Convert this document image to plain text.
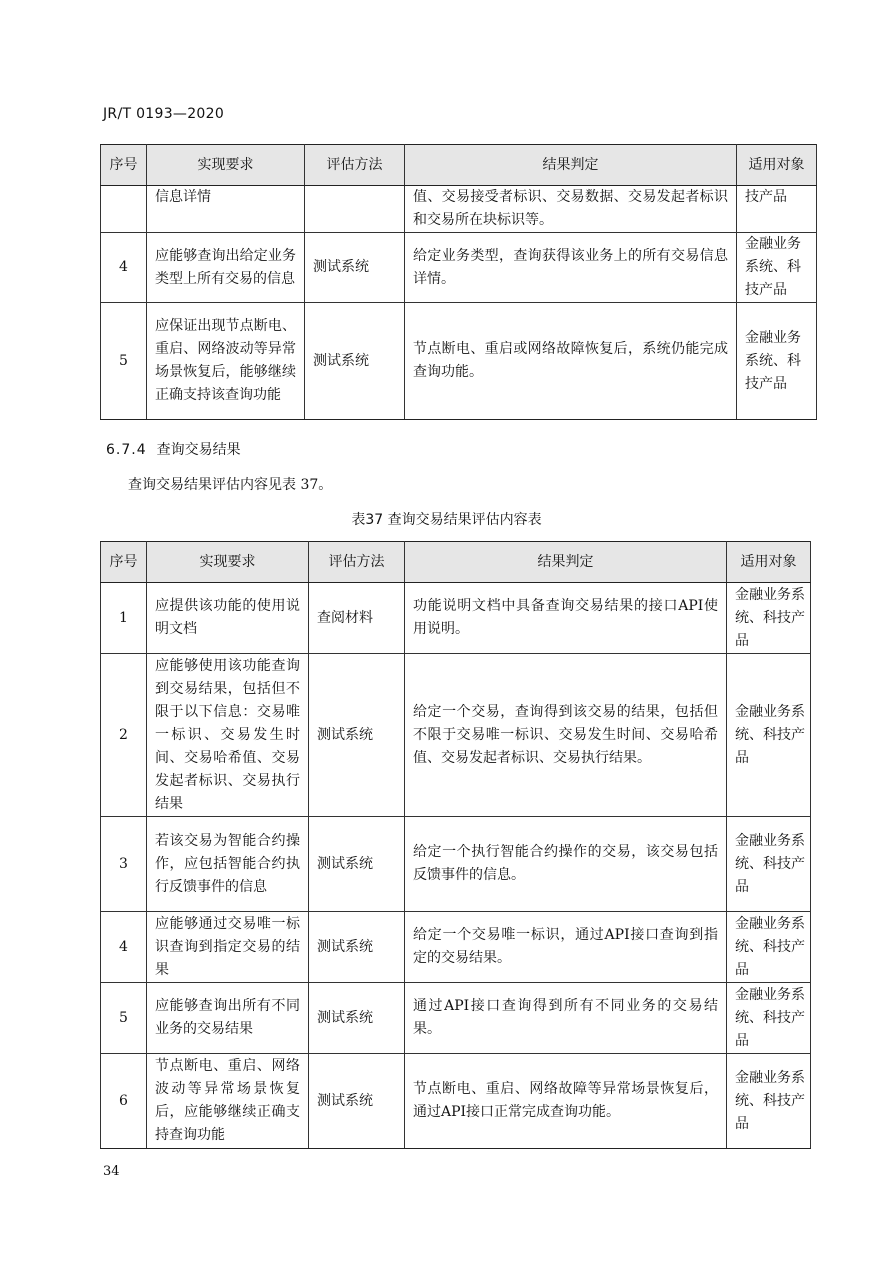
JR/T 0193—2020
序号	实现要求	评估方法	结果判定	适用对象
	信息详情		值、交易接受者标识、交易数据、交易发起者标识和交易所在块标识等。	技产品
4	应能够查询出给定业务类型上所有交易的信息	测试系统	给定业务类型，查询获得该业务上的所有交易信息详情。	金融业务系统、科技产品
5	应保证出现节点断电、重启、网络波动等异常场景恢复后，能够继续正确支持该查询功能	测试系统	节点断电、重启或网络故障恢复后，系统仍能完成查询功能。	金融业务系统、科技产品
6.7.4 查询交易结果
查询交易结果评估内容见表 37。
表37 查询交易结果评估内容表
序号	实现要求	评估方法	结果判定	适用对象
1	应提供该功能的使用说明文档	查阅材料	功能说明文档中具备查询交易结果的接口API使用说明。	金融业务系统、科技产品
2	应能够使用该功能查询到交易结果，包括但不限于以下信息：交易唯一标识、交易发生时间、交易哈希值、交易发起者标识、交易执行结果	测试系统	给定一个交易，查询得到该交易的结果，包括但不限于交易唯一标识、交易发生时间、交易哈希值、交易发起者标识、交易执行结果。	金融业务系统、科技产品
3	若该交易为智能合约操作，应包括智能合约执行反馈事件的信息	测试系统	给定一个执行智能合约操作的交易，该交易包括反馈事件的信息。	金融业务系统、科技产品
4	应能够通过交易唯一标识查询到指定交易的结果	测试系统	给定一个交易唯一标识，通过API接口查询到指定的交易结果。	金融业务系统、科技产品
5	应能够查询出所有不同业务的交易结果	测试系统	通过API接口查询得到所有不同业务的交易结果。	金融业务系统、科技产品
6	节点断电、重启、网络波动等异常场景恢复后，应能够继续正确支持查询功能	测试系统	节点断电、重启、网络故障等异常场景恢复后，通过API接口正常完成查询功能。	金融业务系统、科技产品
34
